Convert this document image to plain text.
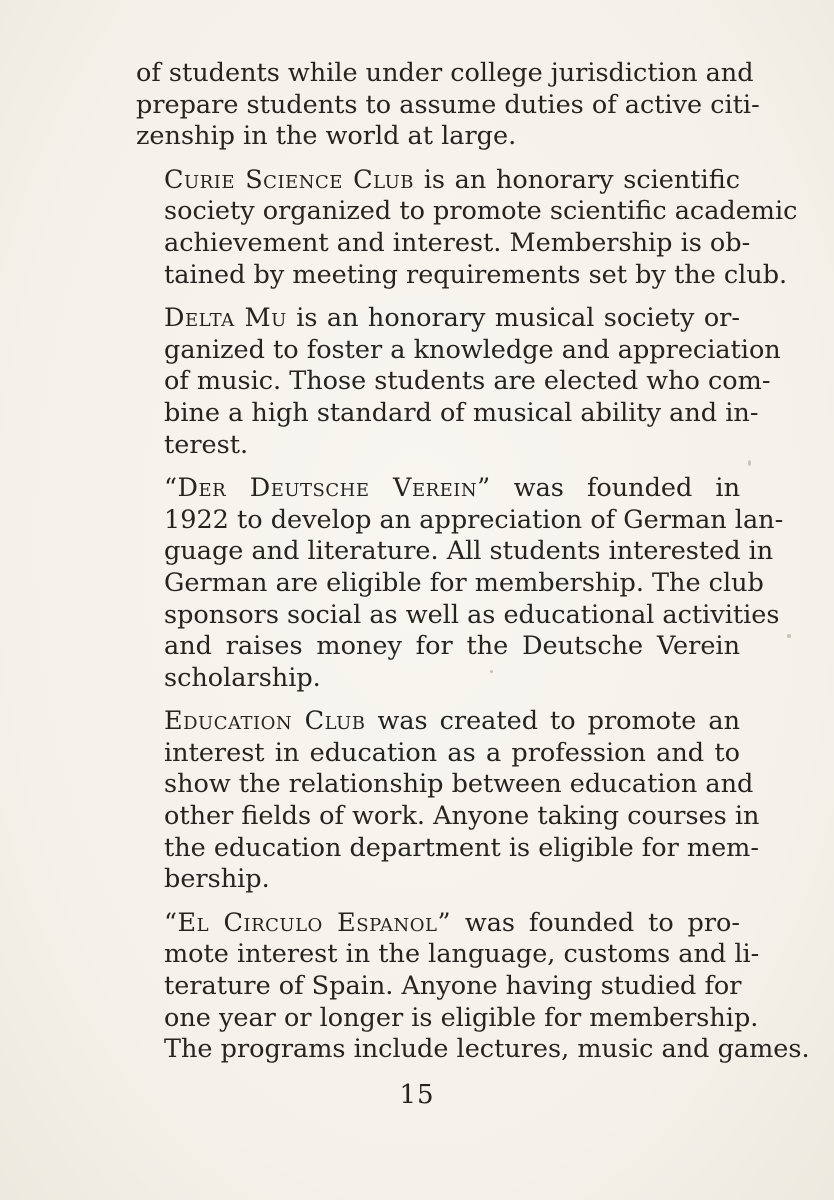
of students while under college jurisdiction and
prepare students to assume duties of active citi-
zenship in the world at large.
Curie Science Club is an honorary scientific
society organized to promote scientific academic
achievement and interest. Membership is ob-
tained by meeting requirements set by the club.
Delta Mu is an honorary musical society or-
ganized to foster a knowledge and appreciation
of music. Those students are elected who com-
bine a high standard of musical ability and in-
terest.
“Der Deutsche Verein” was founded in
1922 to develop an appreciation of German lan-
guage and literature. All students interested in
German are eligible for membership. The club
sponsors social as well as educational activities
and raises money for the Deutsche Verein
scholarship.
Education Club was created to promote an
interest in education as a profession and to
show the relationship between education and
other fields of work. Anyone taking courses in
the education department is eligible for mem-
bership.
“El Circulo Espanol” was founded to pro-
mote interest in the language, customs and li-
terature of Spain. Anyone having studied for
one year or longer is eligible for membership.
The programs include lectures, music and games.
15
